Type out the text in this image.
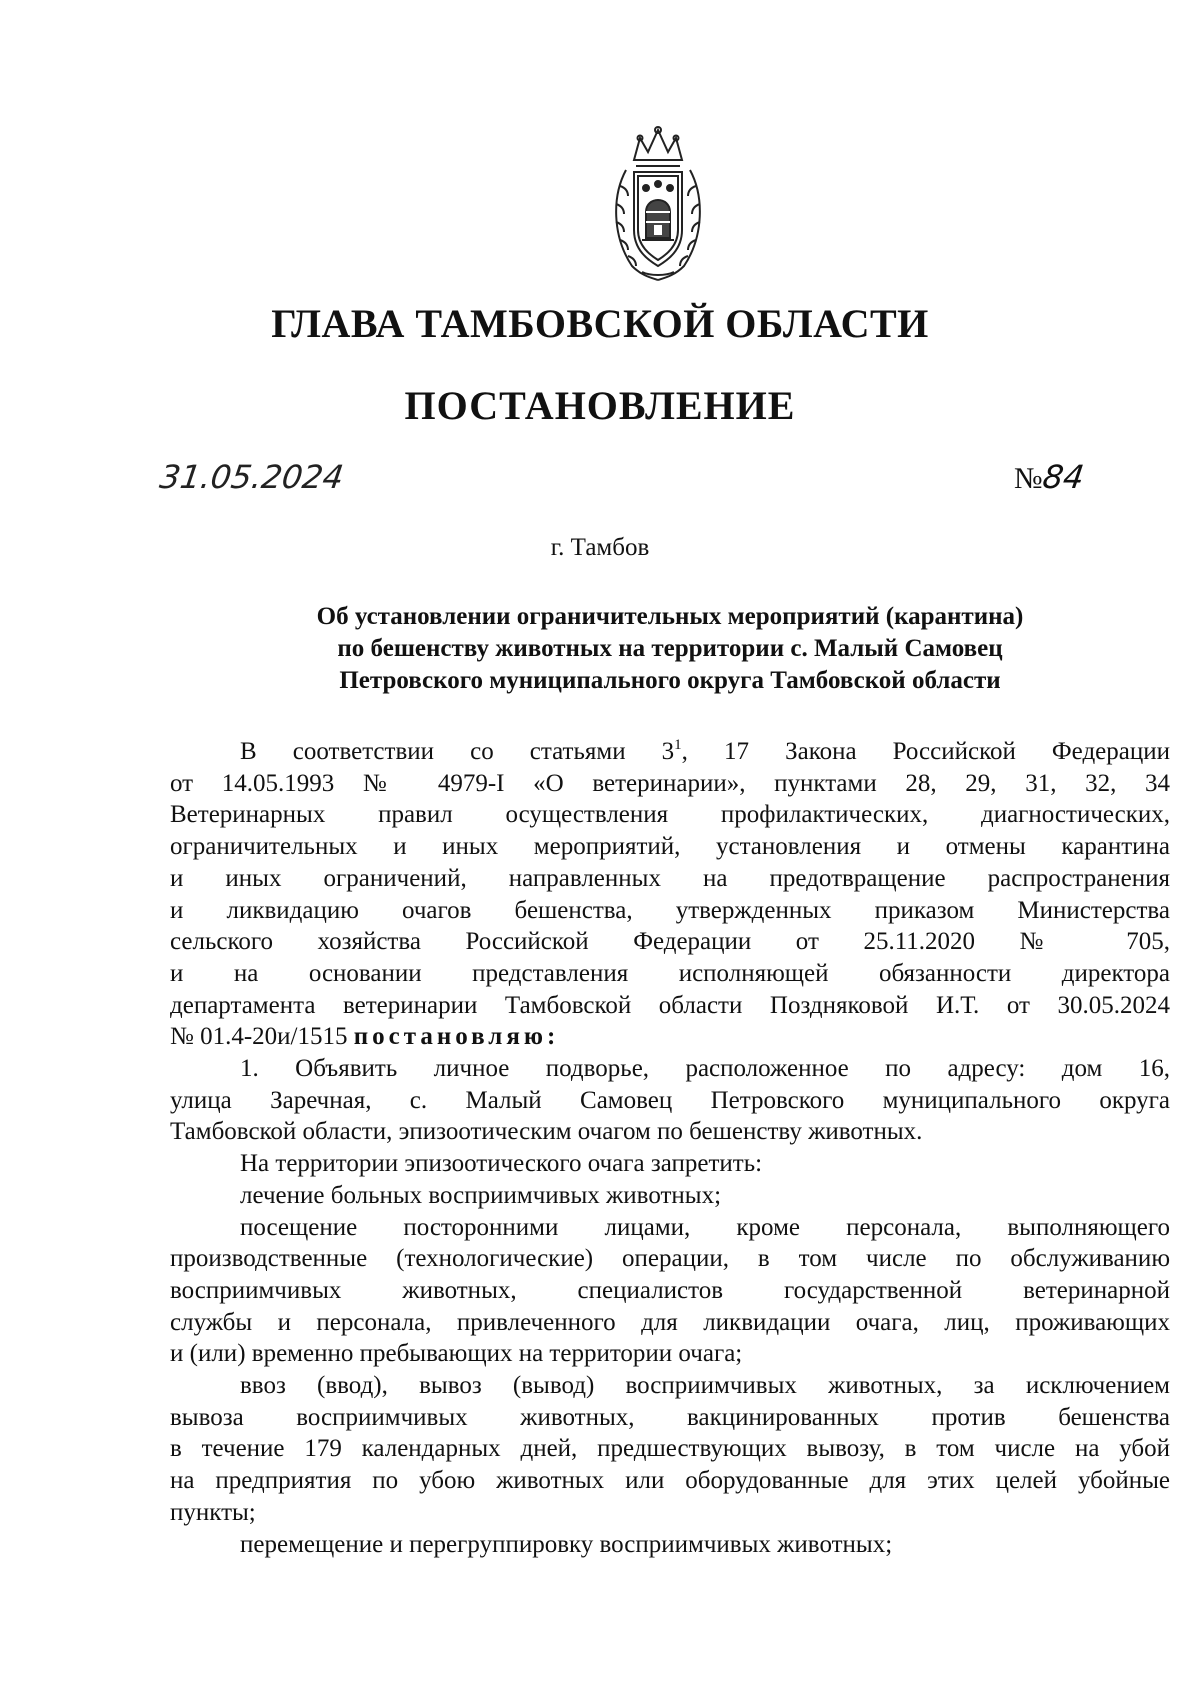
ГЛАВА ТАМБОВСКОЙ ОБЛАСТИ
ПОСТАНОВЛЕНИЕ
31.05.2024	№84
г. Тамбов
Об установлении ограничительных мероприятий (карантина)
по бешенству животных на территории с. Малый Самовец
Петровского муниципального округа Тамбовской области
В соответствии со статьями $3^1$, 17 Закона Российской Федерации
от 14.05.1993 № 4979-I «О ветеринарии», пунктами 28, 29, 31, 32, 34
Ветеринарных правил осуществления профилактических, диагностических,
ограничительных и иных мероприятий, установления и отмены карантина
и иных ограничений, направленных на предотвращение распространения
и ликвидацию очагов бешенства, утвержденных приказом Министерства
сельского хозяйства Российской Федерации от 25.11.2020 № 705,
и на основании представления исполняющей обязанности директора
департамента ветеринарии Тамбовской области Поздняковой И.Т. от 30.05.2024
№ 01.4-20и/1515 постановляю:
1. Объявить личное подворье, расположенное по адресу: дом 16,
улица Заречная, с. Малый Самовец Петровского муниципального округа
Тамбовской области, эпизоотическим очагом по бешенству животных.
На территории эпизоотического очага запретить:
лечение больных восприимчивых животных;
посещение посторонними лицами, кроме персонала, выполняющего
производственные (технологические) операции, в том числе по обслуживанию
восприимчивых животных, специалистов государственной ветеринарной
службы и персонала, привлеченного для ликвидации очага, лиц, проживающих
и (или) временно пребывающих на территории очага;
ввоз (ввод), вывоз (вывод) восприимчивых животных, за исключением
вывоза восприимчивых животных, вакцинированных против бешенства
в течение 179 календарных дней, предшествующих вывозу, в том числе на убой
на предприятия по убою животных или оборудованные для этих целей убойные
пункты;
перемещение и перегруппировку восприимчивых животных;
